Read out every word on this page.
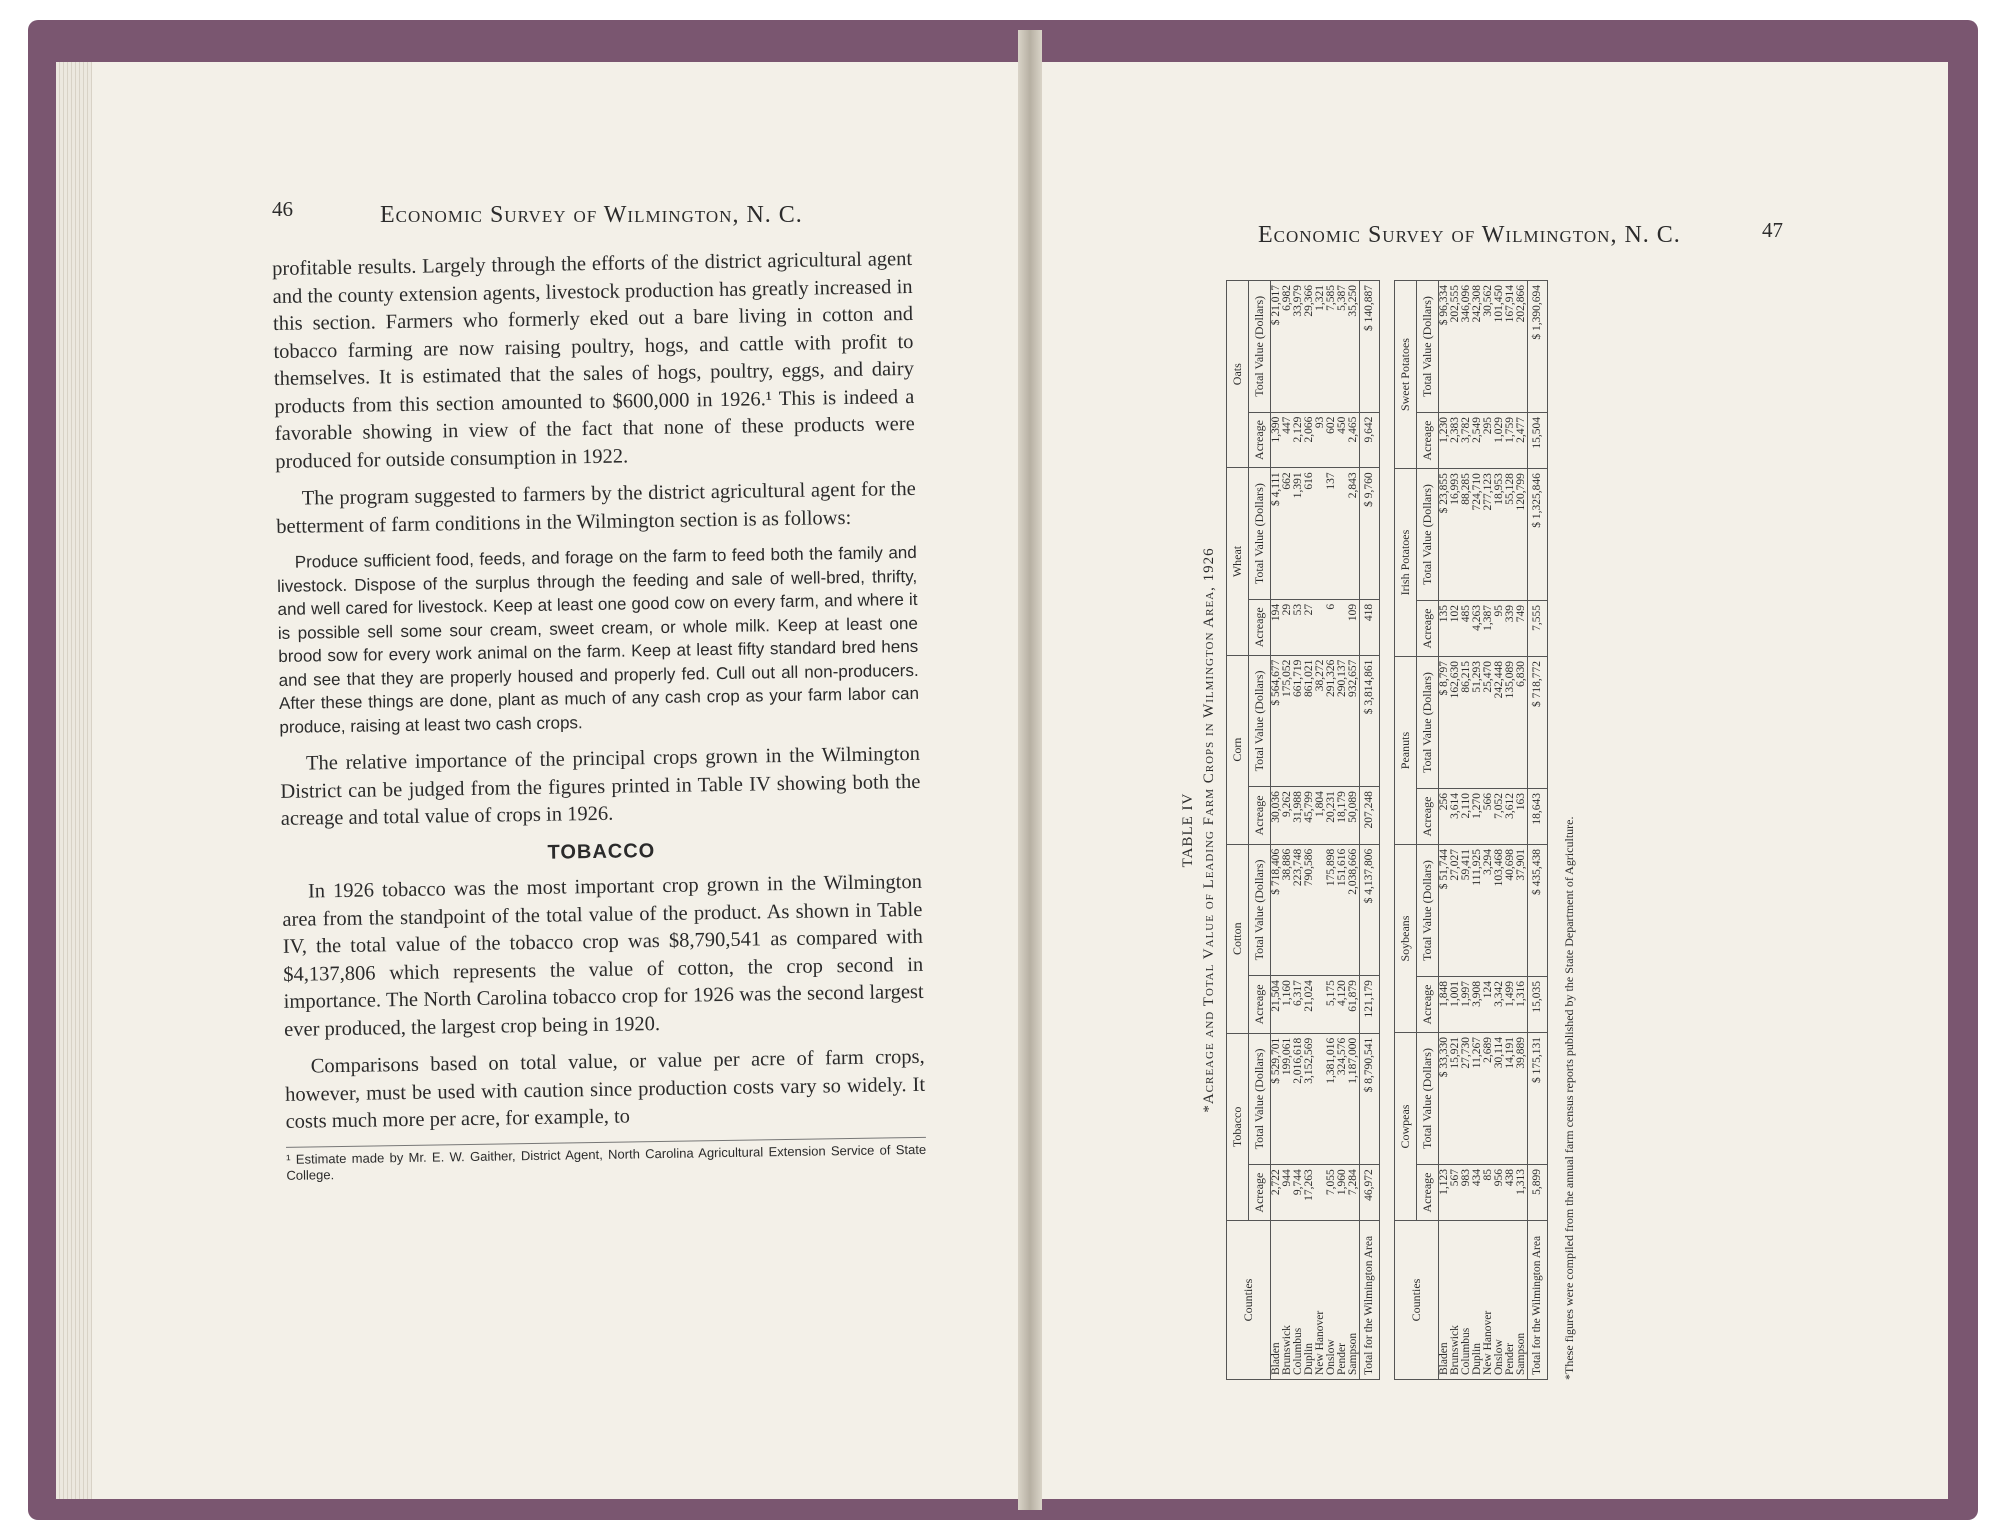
46	Economic Survey of Wilmington, N. C.

profitable results. Largely through the efforts of the district agricultural agent and the county extension agents, livestock production has greatly increased in this section. Farmers who formerly eked out a bare living in cotton and tobacco farming are now raising poultry, hogs, and cattle with profit to themselves. It is estimated that the sales of hogs, poultry, eggs, and dairy products from this section amounted to $600,000 in 1926.¹ This is indeed a favorable showing in view of the fact that none of these products were produced for outside consumption in 1922.

The program suggested to farmers by the district agricultural agent for the betterment of farm conditions in the Wilmington section is as follows:

Produce sufficient food, feeds, and forage on the farm to feed both the family and livestock. Dispose of the surplus through the feeding and sale of well-bred, thrifty, and well cared for livestock. Keep at least one good cow on every farm, and where it is possible sell some sour cream, sweet cream, or whole milk. Keep at least one brood sow for every work animal on the farm. Keep at least fifty standard bred hens and see that they are properly housed and properly fed. Cull out all non-producers. After these things are done, plant as much of any cash crop as your farm labor can produce, raising at least two cash crops.

The relative importance of the principal crops grown in the Wilmington District can be judged from the figures printed in Table IV showing both the acreage and total value of crops in 1926.

TOBACCO

In 1926 tobacco was the most important crop grown in the Wilmington area from the standpoint of the total value of the product. As shown in Table IV, the total value of the tobacco crop was $8,790,541 as compared with $4,137,806 which represents the value of cotton, the crop second in importance. The North Carolina tobacco crop for 1926 was the second largest ever produced, the largest crop being in 1920.

Comparisons based on total value, or value per acre of farm crops, however, must be used with caution since production costs vary so widely. It costs much more per acre, for example, to

¹ Estimate made by Mr. E. W. Gaither, District Agent, North Carolina Agricultural Extension Service of State College.
Economic Survey of Wilmington, N. C.	47
TABLE IV *Acreage and Total Value of Leading Farm Crops in Wilmington Area, 1926
Counties	Tobacco		Cotton		Corn		Wheat		Oats	
	Acreage	Total Value (Dollars)	Acreage	Total Value (Dollars)	Acreage	Total Value (Dollars)	Acreage	Total Value (Dollars)	Acreage	Total Value (Dollars)
Bladen	2,722	$ 529,701	21,504	$ 718,406	30,036	$ 564,677	194	$ 4,111	1,390	$ 21,017
Brunswick	944	199,061	1,160	38,886	9,262	175,052	29	662	447	6,982
Columbus	9,744	2,016,618	6,317	223,748	31,988	661,719	53	1,391	2,129	33,979
Duplin	17,263	3,152,569	21,024	790,586	45,799	861,021	27	616	2,066	29,366
New Hanover					1,804	38,272			93	1,321
Onslow	7,055	1,381,016	5,175	175,898	20,231	291,326	6	137	602	7,585
Pender	1,960	324,576	4,120	151,616	18,179	290,137			450	5,387
Sampson	7,284	1,187,000	61,879	2,038,666	50,089	932,657	109	2,843	2,465	35,250
Total for the Wilmington Area	46,972	$ 8,790,541	121,179	$ 4,137,806	207,248	$ 3,814,861	418	$ 9,760	9,642	$ 140,887
Counties	Cowpeas		Soybeans		Peanuts		Irish Potatoes		Sweet Potatoes	
	Acreage	Total Value (Dollars)	Acreage	Total Value (Dollars)	Acreage	Total Value (Dollars)	Acreage	Total Value (Dollars)	Acreage	Total Value (Dollars)
Bladen	1,123	$ 33,330	1,848	$ 51,744	256	$ 8,797	135	$ 23,855	1,230	$ 96,334
Brunswick	567	15,921	1,001	27,027	3,614	162,630	102	16,993	2,383	202,555
Columbus	983	27,730	1,997	59,411	2,110	86,215	485	88,285	3,782	346,096
Duplin	434	11,267	3,908	111,925	1,270	51,293	4,263	724,710	2,549	242,308
New Hanover	85	2,689	124	3,294	566	25,470	1,387	277,123	295	30,562
Onslow	956	30,114	3,342	103,468	7,052	242,448	95	18,953	1,029	101,450
Pender	438	14,191	1,499	40,698	3,612	135,089	339	55,128	1,759	167,914
Sampson	1,313	39,889	1,316	37,901	163	6,830	749	120,799	2,477	202,866
Total for the Wilmington Area	5,899	$ 175,131	15,035	$ 435,438	18,643	$ 718,772	7,555	$ 1,325,846	15,504	$ 1,390,694
*These figures were compiled from the annual farm census reports published by the State Department of Agriculture.
